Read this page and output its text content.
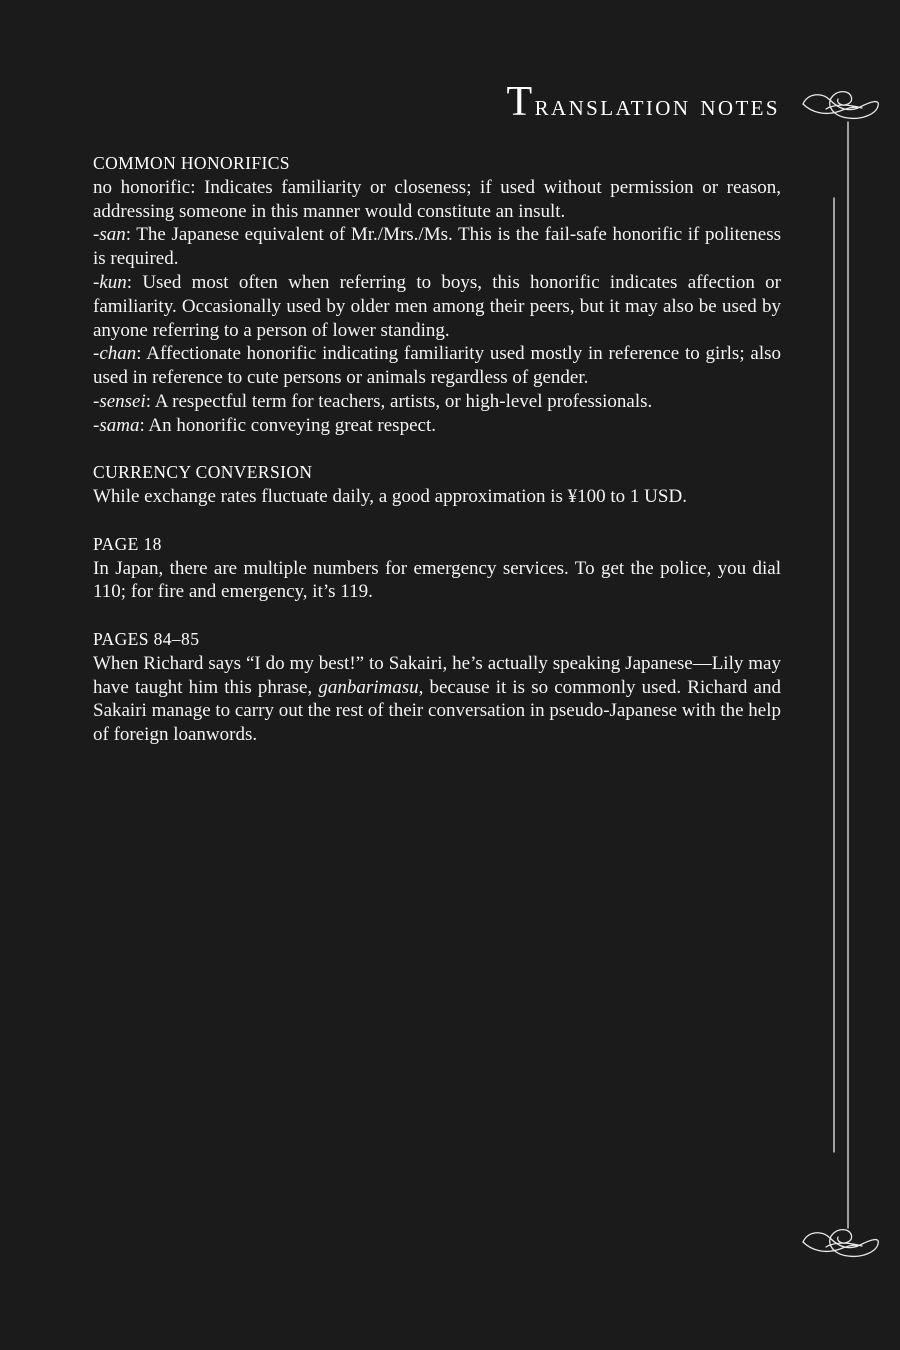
Translation notes
COMMON HONORIFICS
no honorific: Indicates familiarity or closeness; if used without permission or reason, addressing someone in this manner would constitute an insult.
-san: The Japanese equivalent of Mr./Mrs./Ms. This is the fail-safe honorific if politeness is required.
-kun: Used most often when referring to boys, this honorific indicates affection or familiarity. Occasionally used by older men among their peers, but it may also be used by anyone referring to a person of lower standing.
-chan: Affectionate honorific indicating familiarity used mostly in reference to girls; also used in reference to cute persons or animals regardless of gender.
-sensei: A respectful term for teachers, artists, or high-level professionals.
-sama: An honorific conveying great respect.
CURRENCY CONVERSION
While exchange rates fluctuate daily, a good approximation is ¥100 to 1 USD.
PAGE 18
In Japan, there are multiple numbers for emergency services. To get the police, you dial 110; for fire and emergency, it’s 119.
PAGES 84–85
When Richard says “I do my best!” to Sakairi, he’s actually speaking Japanese—Lily may have taught him this phrase, ganbarimasu, because it is so commonly used. Richard and Sakairi manage to carry out the rest of their conversation in pseudo-Japanese with the help of foreign loanwords.
